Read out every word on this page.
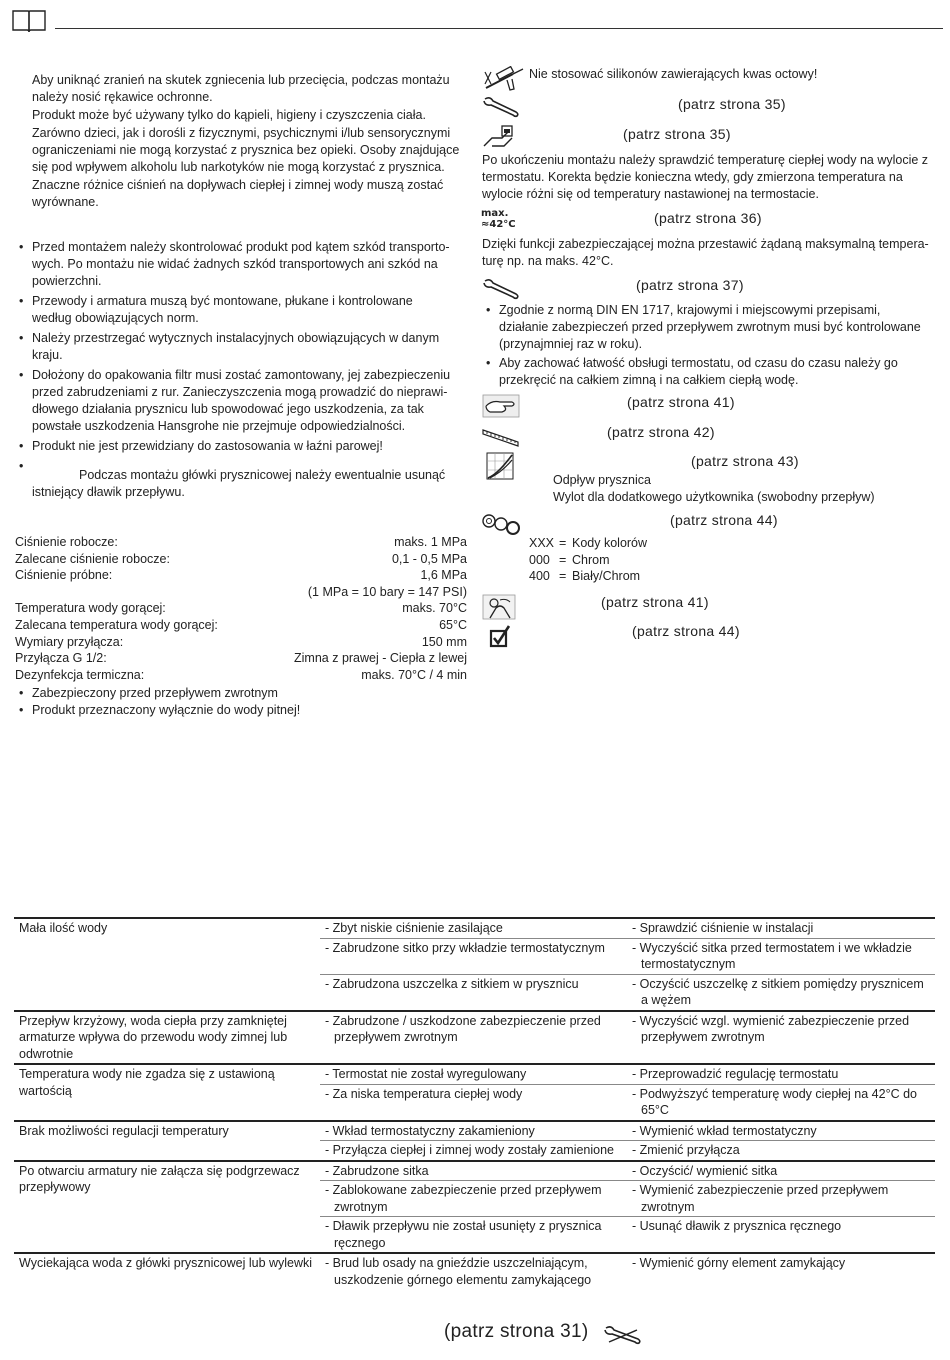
Aby uniknąć zranień na skutek zgniecenia lub przecięcia, podczas montażu należy nosić rękawice ochronne.

Produkt może być używany tylko do kąpieli, higieny i czyszczenia ciała.

Zarówno dzieci, jak i dorośli z fizycznymi, psychicznymi i/lub sensorycznymi ograniczeniami nie mogą korzystać z prysznica bez opieki. Osoby znajdujące się pod wpływem alkoholu lub narkotyków nie mogą korzystać z prysznica.

Znaczne różnice ciśnień na dopływach ciepłej i zimnej wody muszą zostać wyrównane.

• Przed montażem należy skontrolować produkt pod kątem szkód transporto-wych. Po montażu nie widać żadnych szkód transportowych ani szkód na powierzchni.
• Przewody i armatura muszą być montowane, płukane i kontrolowane według obowiązujących norm.
• Należy przestrzegać wytycznych instalacyjnych obowiązujących w danym kraju.
• Dołożony do opakowania filtr musi zostać zamontowany, jej zabezpieczeniu przed zabrudzeniami z rur. Zanieczyszczenia mogą prowadzić do nieprawi-dłowego działania prysznicu lub spowodować jego uszkodzenia, za tak powstałe uszkodzenia Hansgrohe nie przejmuje odpowiedzialności.
• Produkt nie jest przewidziany do zastosowania w łaźni parowej!
•
Podczas montażu główki prysznicowej należy ewentualnie usunąć istniejący dławik przepływu.
Ciśnienie robocze:	maks. 1 MPa
Zalecane ciśnienie robocze:	0,1 - 0,5 MPa
Ciśnienie próbne:	1,6 MPa
(1 MPa = 10 bary = 147 PSI)
Temperatura wody gorącej:	maks. 70°C
Zalecana temperatura wody gorącej:	65°C
Wymiary przyłącza:	150 mm
Przyłącza G 1/2:	Zimna z prawej - Ciepła z lewej
Dezynfekcja termiczna:	maks. 70°C / 4 min
• Zabezpieczony przed przepływem zwrotnym
• Produkt przeznaczony wyłącznie do wody pitnej!
Nie stosować silikonów zawierających kwas octowy!
(patrz strona 35)
(patrz strona 35)
Po ukończeniu montażu należy sprawdzić temperaturę ciepłej wody na wylocie z termostatu. Korekta będzie konieczna wtedy, gdy zmierzona temperatura na wylocie różni się od temperatury nastawionej na termostacie.
max.
≈42°C	(patrz strona 36)
Dzięki funkcji zabezpieczającej można przestawić żądaną maksymalną tempera-turę np. na maks. 42°C.
(patrz strona 37)
• Zgodnie z normą DIN EN 1717, krajowymi i miejscowymi przepisami, działanie zabezpieczeń przed przepływem zwrotnym musi być kontrolowane (przynajmniej raz w roku).
• Aby zachować łatwość obsługi termostatu, od czasu do czasu należy go przekręcić na całkiem zimną i na całkiem ciepłą wodę.
(patrz strona 41)
(patrz strona 42)
(patrz strona 43)
Odpływ prysznica
Wylot dla dodatkowego użytkownika (swobodny przepływ)
(patrz strona 44)
XXX = Kody kolorów
000 = Chrom
400 = Biały/Chrom
(patrz strona 41)
(patrz strona 44)
Mała ilość wody	- Zbyt niskie ciśnienie zasilające	- Sprawdzić ciśnienie w instalacji

	- Zabrudzone sitko przy wkładzie termostatycznym	- Wyczyścić sitka przed termostatem i we wkładzie termostatycznym

	- Zabrudzona uszczelka z sitkiem w prysznicu	- Oczyścić uszczelkę z sitkiem pomiędzy prysznicem a wężem

Przepływ krzyżowy, woda ciepła przy zamkniętej armaturze wpływa do przewodu wody zimnej lub odwrotnie	- Zabrudzone / uszkodzone zabezpieczenie przed przepływem zwrotnym	- Wyczyścić wzgl. wymienić zabezpieczenie przed przepływem zwrotnym

Temperatura wody nie zgadza się z ustawioną wartością	- Termostat nie został wyregulowany	- Przeprowadzić regulację termostatu

	- Za niska temperatura ciepłej wody	- Podwyższyć temperaturę wody ciepłej na 42°C do 65°C

Brak możliwości regulacji temperatury	- Wkład termostatyczny zakamieniony	- Wymienić wkład termostatyczny

	- Przyłącza ciepłej i zimnej wody zostały zamienione	- Zmienić przyłącza

Po otwarciu armatury nie załącza się podgrzewacz przepływowy	- Zabrudzone sitka	- Oczyścić/ wymienić sitka

	- Zablokowane zabezpieczenie przed przepływem zwrotnym	- Wymienić zabezpieczenie przed przepływem zwrotnym

	- Dławik przepływu nie został usunięty z prysznica ręcznego	- Usunąć dławik z prysznica ręcznego

Wyciekająca woda z główki prysznicowej lub wylewki	- Brud lub osady na gnieździe uszczelniającym, uszkodzenie górnego elementu zamykającego	- Wymienić górny element zamykający
(patrz strona 31)
